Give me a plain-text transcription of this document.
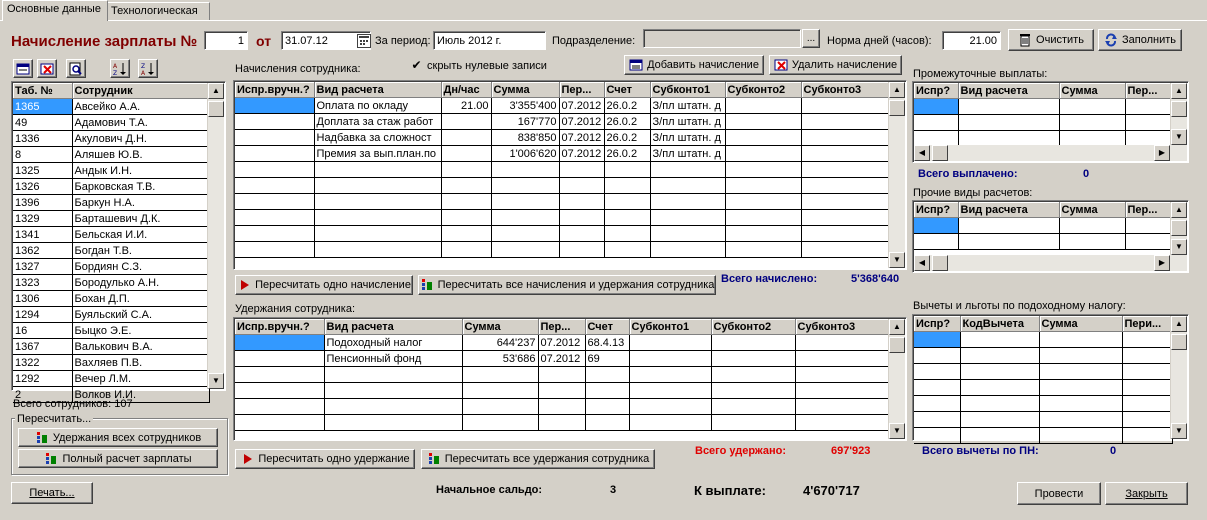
Основные данные Технологическая
Начисление зарплаты №	1 от	31.07.12	За период: Июль 2012 г.	Подразделение:	... Норма дней (часов):	21.00	Очистить	Заполнить
A
Z
Z
A
Таб. №	Сотрудник
1365	Авсейко А.А.
49	Адамович Т.А.
1336	Акулович Д.Н.
8	Аляшев Ю.В.
1325	Андык И.Н.
1326	Барковская Т.В.
1396	Баркун Н.А.
1329	Барташевич Д.К.
1341	Бельская И.И.
1362	Богдан Т.В.
1327	Бордиян С.З.
1323	Бородулько А.Н.
1306	Бохан Д.П.
1294	Буяльский С.А.
16	Быцко Э.Е.
1367	Валькович В.А.
1322	Вахляев П.В.
1292	Вечер Л.М.
2	Волков И.И.
▲
▼
Всего сотрудников: 107
Пересчитать...
Удержания всех сотрудников
Полный расчет зарплаты
Печать...
Начисления сотрудника:	✔ скрыть нулевые записи	Добавить начисление	Удалить начисление
Испр.вручн.?	Вид расчета	Дн/час	Сумма	Пер...	Счет	Субконто1	Субконто2	Субконто3
	Оплата по окладу	21.00	3'355'400	07.2012	26.0.2	З/пл штатн. д		
	Доплата за стаж работ		167'770	07.2012	26.0.2	З/пл штатн. д		
	Надбавка за сложност		838'850	07.2012	26.0.2	З/пл штатн. д		
	Премия за вып.план.по		1'006'620	07.2012	26.0.2	З/пл штатн. д		

▲
▼
Пересчитать одно начисление Пересчитать все начисления и удержания сотрудника Всего начислено:	5'368'640
Удержания сотрудника:
Испр.вручн.?	Вид расчета	Сумма	Пер...	Счет	Субконто1	Субконто2	Субконто3
	Подоходный налог	644'237	07.2012	68.4.13			
	Пенсионный фонд	53'686	07.2012	69			

▲
▼
Пересчитать одно удержание	Пересчитать все удержания сотрудника
Всего удержано:	697'923
Промежуточные выплаты:
Испр?	Вид расчета	Сумма	Пер...

				▲
▼
◀	▶
Всего выплачено:	0
Прочие виды расчетов:
Испр?	Вид расчета	Сумма	Пер...

				▲
▼
◀	▶
Вычеты и льготы по подоходному налогу:
Испр?	КодВычета	Сумма	Пери...

				▲
▼
Всего вычеты по ПН:	0
Начальное сальдо:	3	К выплате:	4'670'717	Провести	Закрыть
